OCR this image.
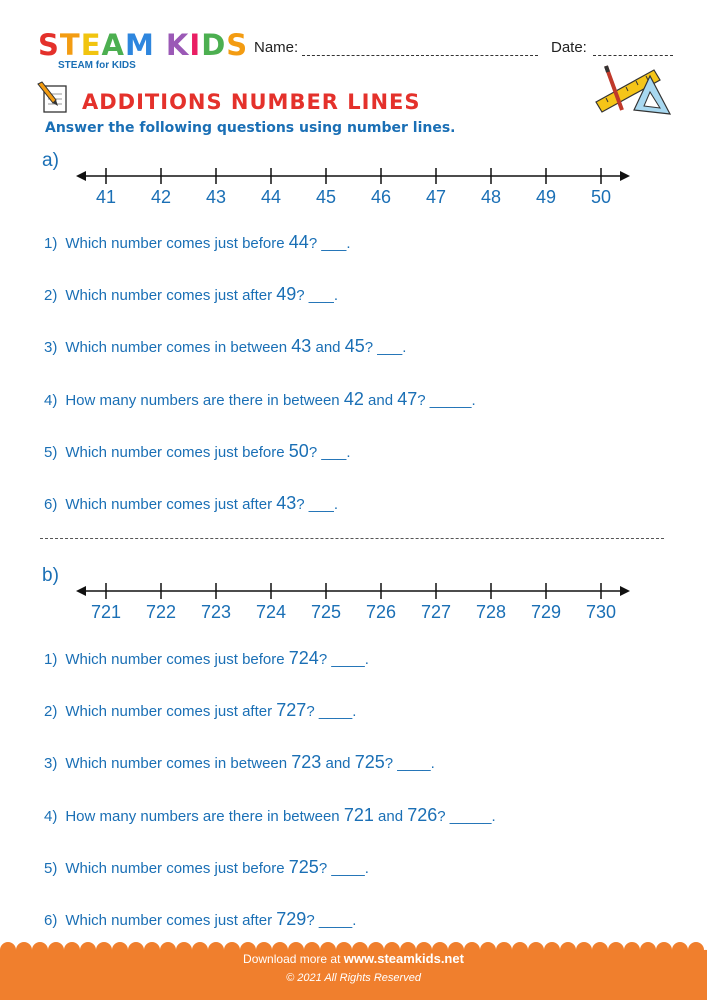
STEAM KIDS
STEAM for KIDS
Name:	Date:
ADDITIONS NUMBER LINES
Answer the following questions using number lines.
a)
41 42 43 44 45 46 47 48 49 50
1) Which number comes just before 44? ___.
2) Which number comes just after 49? ___.
3) Which number comes in between 43 and 45? ___.
4) How many numbers are there in between 42 and 47? _____.
5) Which number comes just before 50? ___.
6) Which number comes just after 43? ___.
b)
721 722 723 724 725 726 727 728 729 730
1) Which number comes just before 724? ____.
2) Which number comes just after 727? ____.
3) Which number comes in between 723 and 725? ____.
4) How many numbers are there in between 721 and 726? _____.
5) Which number comes just before 725? ____.
6) Which number comes just after 729? ____.
Download more at www.steamkids.net
© 2021 All Rights Reserved
